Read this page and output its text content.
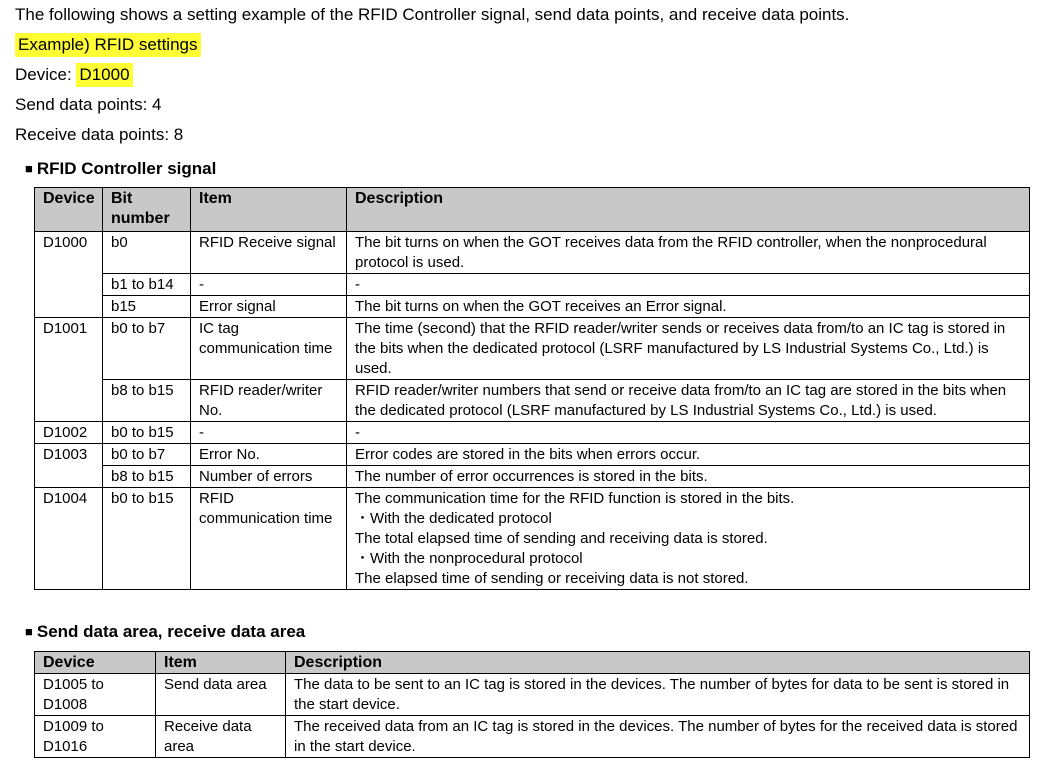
The following shows a setting example of the RFID Controller signal, send data points, and receive data points.
Example) RFID settings
Device: D1000
Send data points: 4
Receive data points: 8
■ RFID Controller signal
Device	Bit number	Item	Description
D1000	b0	RFID Receive signal	The bit turns on when the GOT receives data from the RFID controller, when the nonprocedural protocol is used.

	b1 to b14	-	-

	b15	Error signal	The bit turns on when the GOT receives an Error signal.

D1001	b0 to b7	IC tag communication time	The time (second) that the RFID reader/writer sends or receives data from/to an IC tag is stored in the bits when the dedicated protocol (LSRF manufactured by LS Industrial Systems Co., Ltd.) is used.

	b8 to b15	RFID reader/writer No.	RFID reader/writer numbers that send or receive data from/to an IC tag are stored in the bits when the dedicated protocol (LSRF manufactured by LS Industrial Systems Co., Ltd.) is used.

D1002	b0 to b15	-	-

D1003	b0 to b7	Error No.	Error codes are stored in the bits when errors occur.

	b8 to b15	Number of errors	The number of error occurrences is stored in the bits.

D1004	b0 to b15	RFID communication time	The communication time for the RFID function is stored in the bits.
・With the dedicated protocol
The total elapsed time of sending and receiving data is stored.
・With the nonprocedural protocol
The elapsed time of sending or receiving data is not stored.
■ Send data area, receive data area
Device	Item	Description
D1005 to D1008	Send data area	The data to be sent to an IC tag is stored in the devices. The number of bytes for data to be sent is stored in the start device.
D1009 to D1016	Receive data area	The received data from an IC tag is stored in the devices. The number of bytes for the received data is stored in the start device.
